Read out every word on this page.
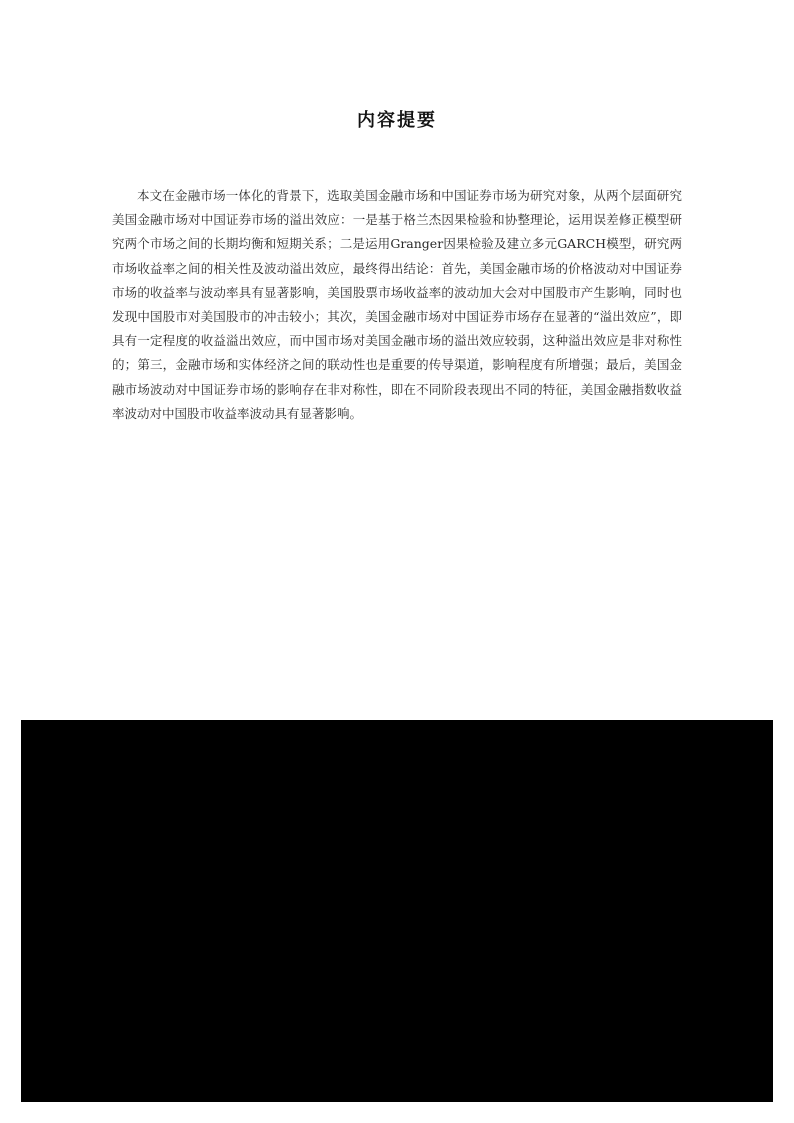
内容提要

本文在金融市场一体化的背景下，选取美国金融市场和中国证券市场为研究对象，从两个层面研究美国金融市场对中国证券市场的溢出效应：一是基于格兰杰因果检验和协整理论，运用误差修正模型研究两个市场之间的长期均衡和短期关系；二是运用Granger因果检验及建立多元GARCH模型，研究两市场收益率之间的相关性及波动溢出效应，最终得出结论：首先，美国金融市场的价格波动对中国证券市场的收益率与波动率具有显著影响，美国股票市场收益率的波动加大会对中国股市产生影响，同时也发现中国股市对美国股市的冲击较小；其次，美国金融市场对中国证券市场存在显著的“溢出效应”，即具有一定程度的收益溢出效应，而中国市场对美国金融市场的溢出效应较弱，这种溢出效应是非对称性的；第三，金融市场和实体经济之间的联动性也是重要的传导渠道，影响程度有所增强；最后，美国金融市场波动对中国证券市场的影响存在非对称性，即在不同阶段表现出不同的特征，美国金融指数收益率波动对中国股市收益率波动具有显著影响。
